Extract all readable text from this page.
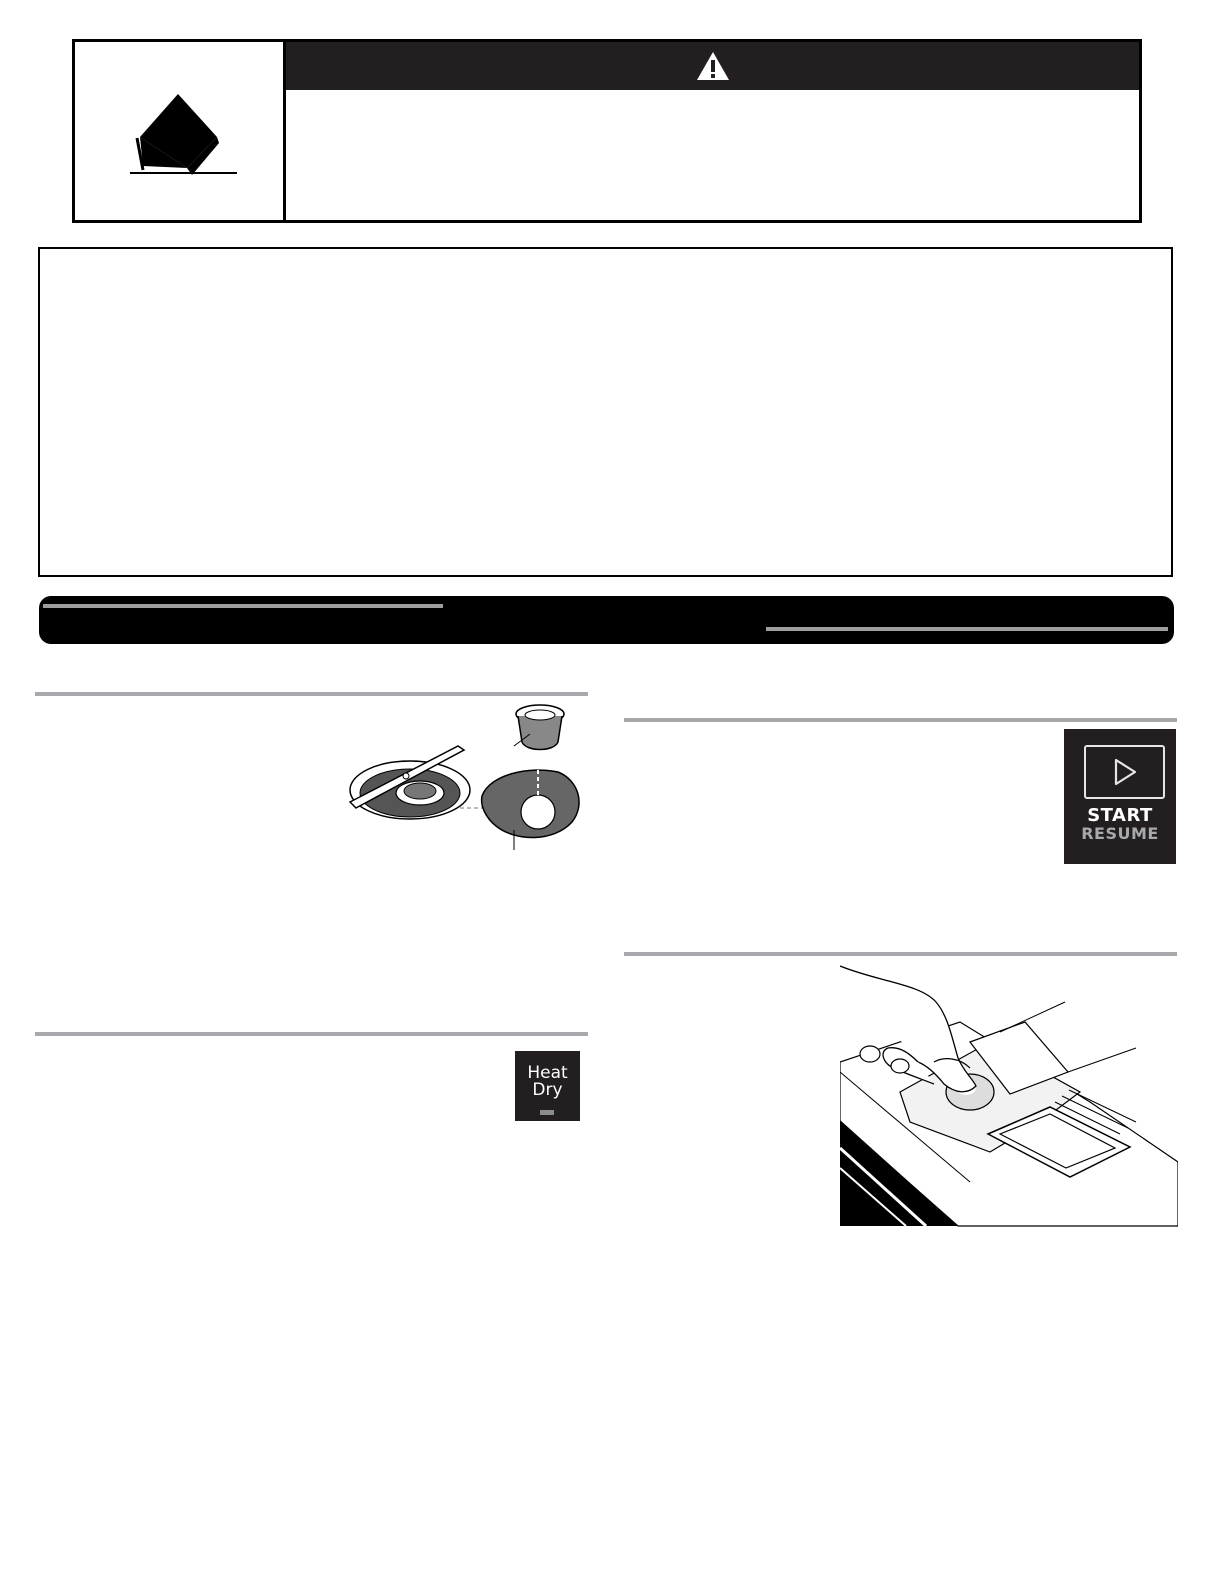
START
RESUME
Heat
Dry
